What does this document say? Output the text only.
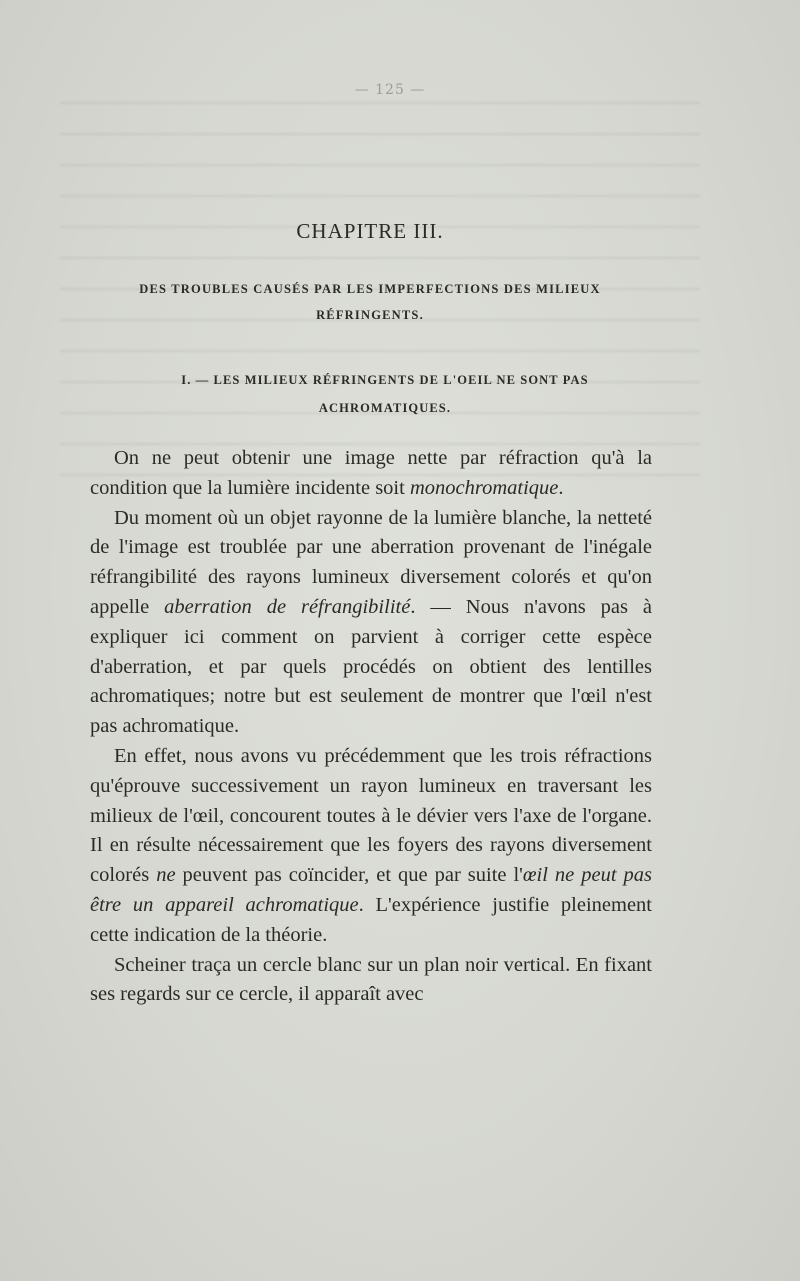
— 125 —
CHAPITRE III.
DES TROUBLES CAUSÉS PAR LES IMPERFECTIONS DES MILIEUX RÉFRINGENTS.
I. — LES MILIEUX RÉFRINGENTS DE L'OEIL NE SONT PAS ACHROMATIQUES.

On ne peut obtenir une image nette par réfraction qu'à la condition que la lumière incidente soit monochromatique.

Du moment où un objet rayonne de la lumière blanche, la netteté de l'image est troublée par une aberration provenant de l'inégale réfrangibilité des rayons lumineux diversement colorés et qu'on appelle aberration de réfrangibilité. — Nous n'avons pas à expliquer ici comment on parvient à corriger cette espèce d'aberration, et par quels procédés on obtient des lentilles achromatiques; notre but est seulement de montrer que l'œil n'est pas achromatique.

En effet, nous avons vu précédemment que les trois réfractions qu'éprouve successivement un rayon lumineux en traversant les milieux de l'œil, concourent toutes à le dévier vers l'axe de l'organe. Il en résulte nécessairement que les foyers des rayons diversement colorés ne peuvent pas coïncider, et que par suite l'œil ne peut pas être un appareil achromatique. L'expérience justifie pleinement cette indication de la théorie.

Scheiner traça un cercle blanc sur un plan noir vertical. En fixant ses regards sur ce cercle, il apparaît avec
